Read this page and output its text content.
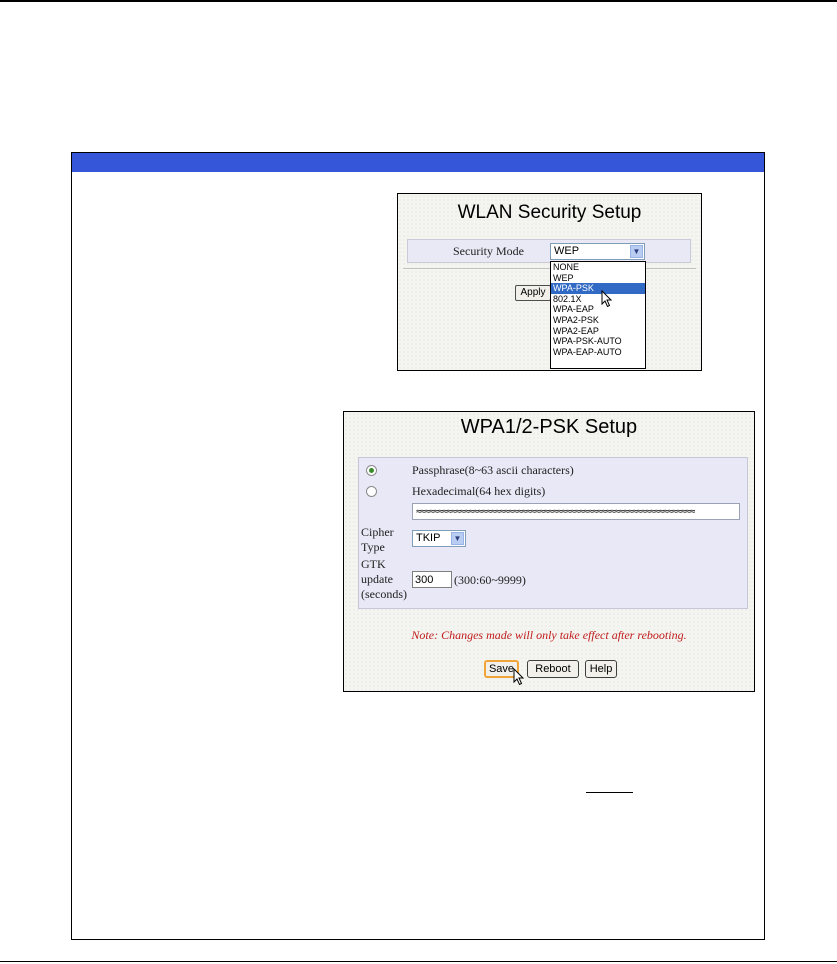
WLAN Security Setup
Security Mode	WEP	▼
Apply
NONE
WEP
WPA-PSK
802.1X
WPA-EAP
WPA2-PSK
WPA2-EAP
WPA-PSK-AUTO
WPA-EAP-AUTO
WPA1/2-PSK Setup
Passphrase(8~63 ascii characters)
Hexadecimal(64 hex digits)
≈≈≈≈≈≈≈≈≈≈≈≈≈≈≈≈≈≈≈≈≈≈≈≈≈≈≈≈≈≈≈≈≈≈≈≈≈≈≈≈≈≈≈≈≈≈≈≈≈≈≈≈≈≈≈≈≈≈≈≈≈≈≈
Cipher
Type
TKIP	▼
GTK
update
(seconds)
300
(300:60~9999)
Note: Changes made will only take effect after rebooting.
Save	Reboot	Help
